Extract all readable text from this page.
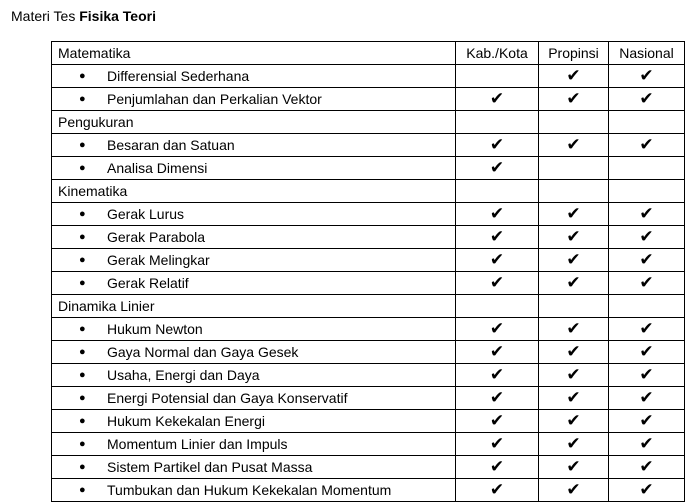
Materi Tes Fisika Teori
Matematika	Kab./Kota	Propinsi	Nasional
● Differensial Sederhana		✔	✔
● Penjumlahan dan Perkalian Vektor	✔	✔	✔
Pengukuran			
● Besaran dan Satuan	✔	✔	✔
● Analisa Dimensi	✔		
Kinematika			
● Gerak Lurus	✔	✔	✔
● Gerak Parabola	✔	✔	✔
● Gerak Melingkar	✔	✔	✔
● Gerak Relatif	✔	✔	✔
Dinamika Linier			
● Hukum Newton	✔	✔	✔
● Gaya Normal dan Gaya Gesek	✔	✔	✔
● Usaha, Energi dan Daya	✔	✔	✔
● Energi Potensial dan Gaya Konservatif	✔	✔	✔
● Hukum Kekekalan Energi	✔	✔	✔
● Momentum Linier dan Impuls	✔	✔	✔
● Sistem Partikel dan Pusat Massa	✔	✔	✔
● Tumbukan dan Hukum Kekekalan Momentum	✔	✔	✔
